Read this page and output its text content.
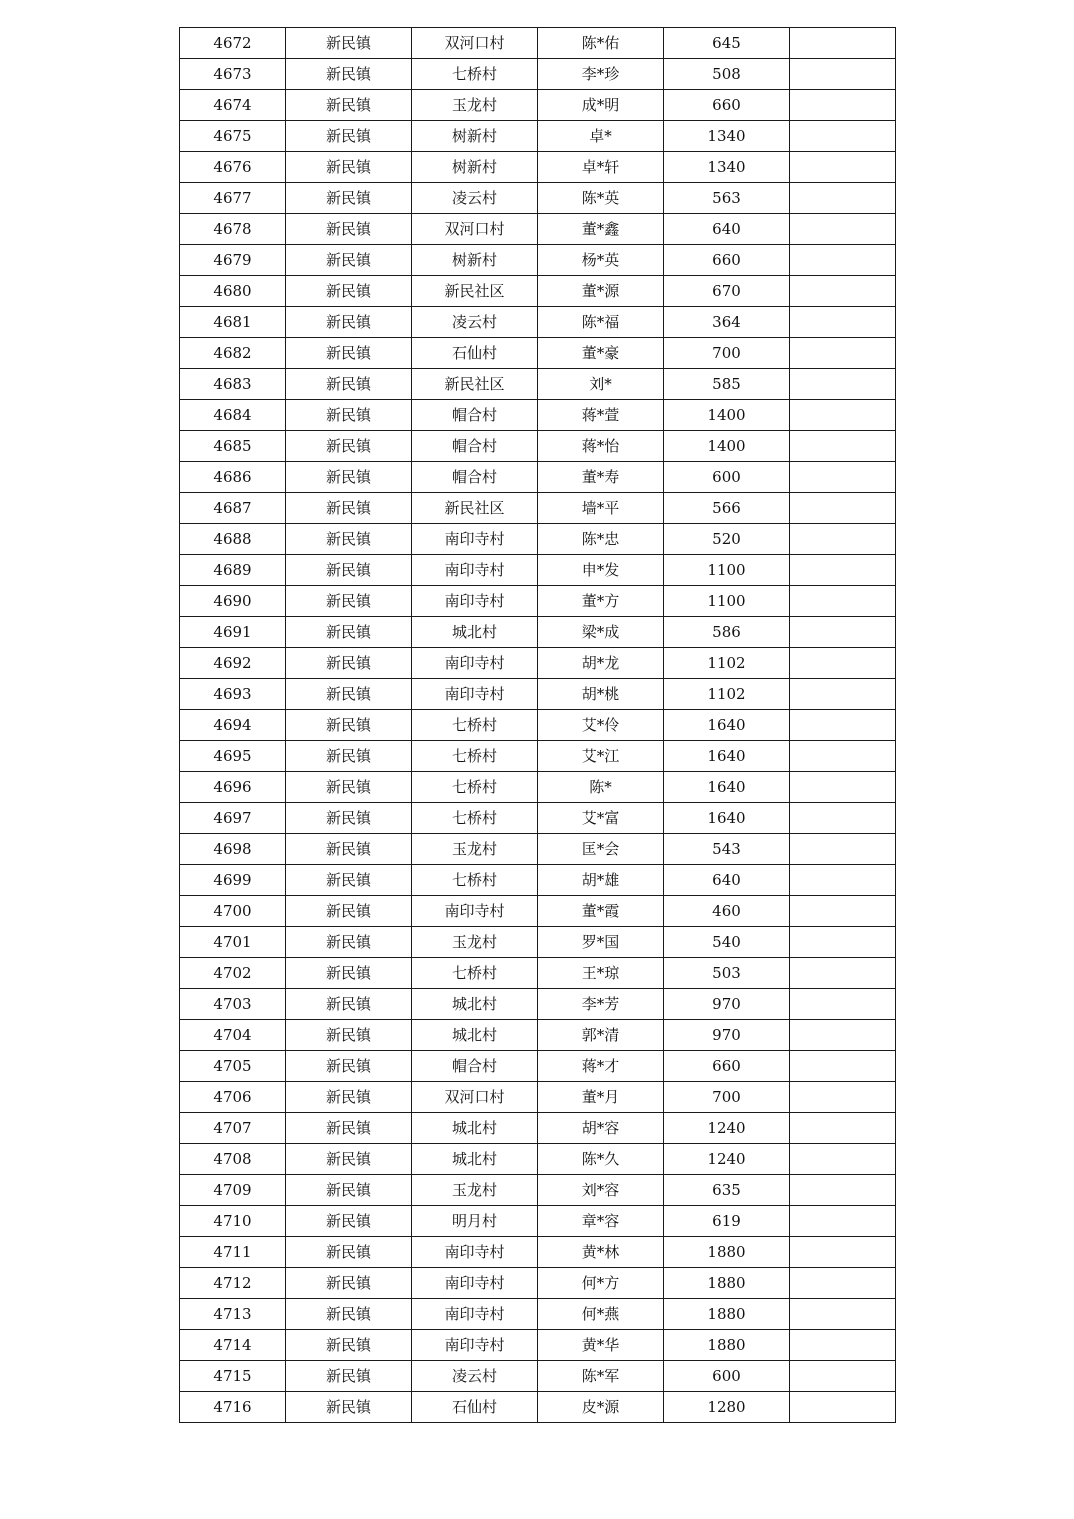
4672	新民镇	双河口村	陈*佑	645	
4673	新民镇	七桥村	李*珍	508	
4674	新民镇	玉龙村	成*明	660	
4675	新民镇	树新村	卓*	1340	
4676	新民镇	树新村	卓*轩	1340	
4677	新民镇	凌云村	陈*英	563	
4678	新民镇	双河口村	董*鑫	640	
4679	新民镇	树新村	杨*英	660	
4680	新民镇	新民社区	董*源	670	
4681	新民镇	凌云村	陈*福	364	
4682	新民镇	石仙村	董*豪	700	
4683	新民镇	新民社区	刘*	585	
4684	新民镇	帽合村	蒋*萱	1400	
4685	新民镇	帽合村	蒋*怡	1400	
4686	新民镇	帽合村	董*寿	600	
4687	新民镇	新民社区	墙*平	566	
4688	新民镇	南印寺村	陈*忠	520	
4689	新民镇	南印寺村	申*发	1100	
4690	新民镇	南印寺村	董*方	1100	
4691	新民镇	城北村	梁*成	586	
4692	新民镇	南印寺村	胡*龙	1102	
4693	新民镇	南印寺村	胡*桃	1102	
4694	新民镇	七桥村	艾*伶	1640	
4695	新民镇	七桥村	艾*江	1640	
4696	新民镇	七桥村	陈*	1640	
4697	新民镇	七桥村	艾*富	1640	
4698	新民镇	玉龙村	匡*会	543	
4699	新民镇	七桥村	胡*雄	640	
4700	新民镇	南印寺村	董*霞	460	
4701	新民镇	玉龙村	罗*国	540	
4702	新民镇	七桥村	王*琼	503	
4703	新民镇	城北村	李*芳	970	
4704	新民镇	城北村	郭*清	970	
4705	新民镇	帽合村	蒋*才	660	
4706	新民镇	双河口村	董*月	700	
4707	新民镇	城北村	胡*容	1240	
4708	新民镇	城北村	陈*久	1240	
4709	新民镇	玉龙村	刘*容	635	
4710	新民镇	明月村	章*容	619	
4711	新民镇	南印寺村	黄*林	1880	
4712	新民镇	南印寺村	何*方	1880	
4713	新民镇	南印寺村	何*燕	1880	
4714	新民镇	南印寺村	黄*华	1880	
4715	新民镇	凌云村	陈*军	600	
4716	新民镇	石仙村	皮*源	1280	
